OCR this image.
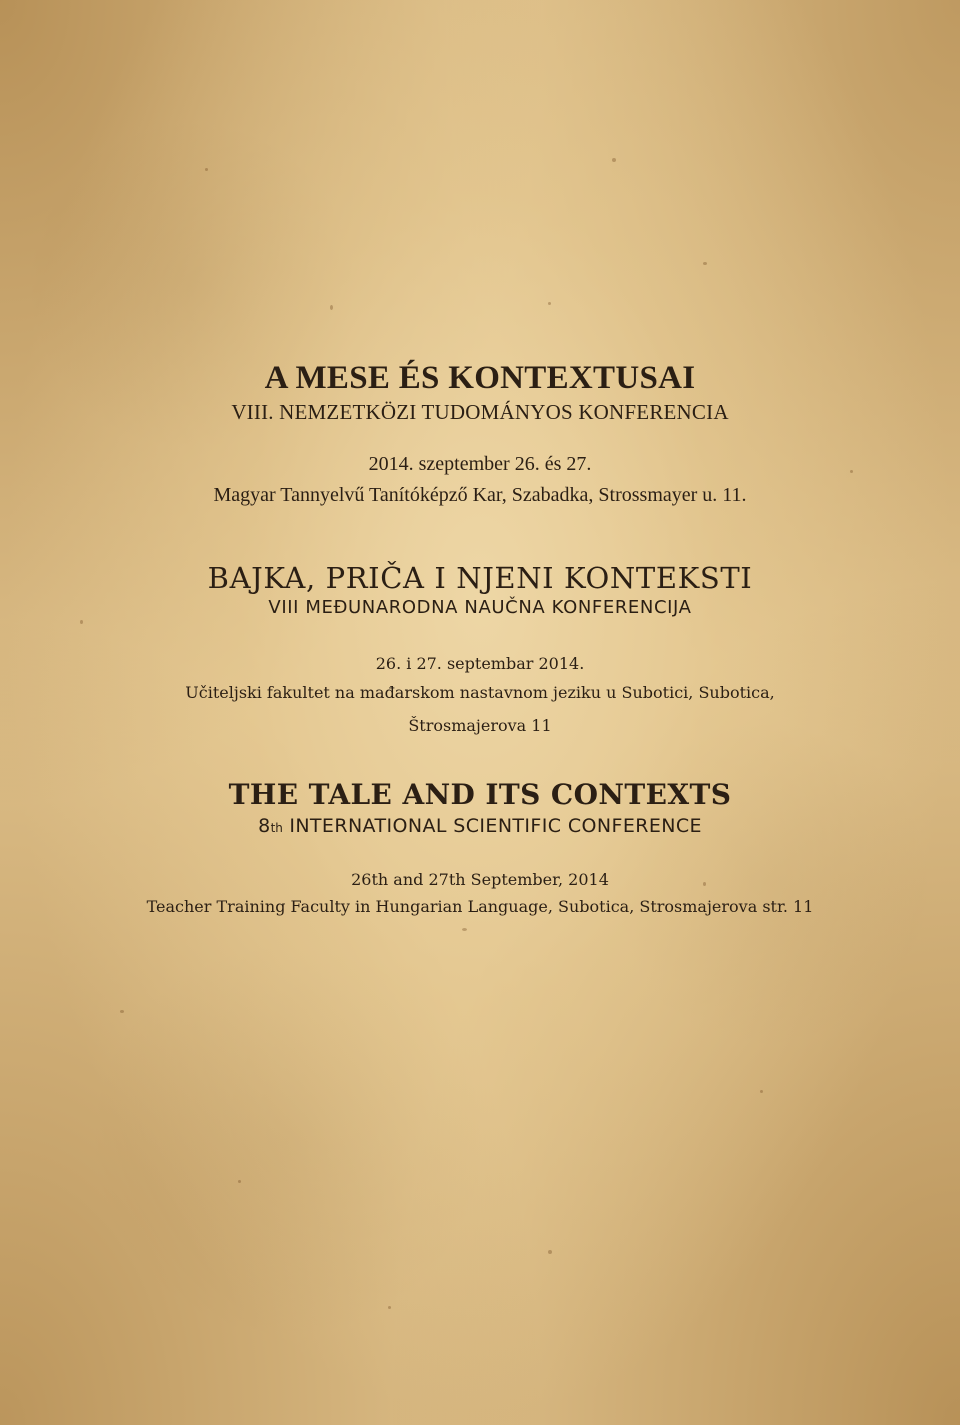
A MESE ÉS KONTEXTUSAI
VIII. NEMZETKÖZI TUDOMÁNYOS KONFERENCIA
2014. szeptember 26. és 27.
Magyar Tannyelvű Tanítóképző Kar, Szabadka, Strossmayer u. 11.
BAJKA, PRIČA I NJENI KONTEKSTI
VIII MEĐUNARODNA NAUČNA KONFERENCIJA
26. i 27. septembar 2014.
Učiteljski fakultet na mađarskom nastavnom jeziku u Subotici, Subotica,
Štrosmajerova 11
THE TALE AND ITS CONTEXTS
8th INTERNATIONAL SCIENTIFIC CONFERENCE
26th and 27th September, 2014
Teacher Training Faculty in Hungarian Language, Subotica, Strosmajerova str. 11
